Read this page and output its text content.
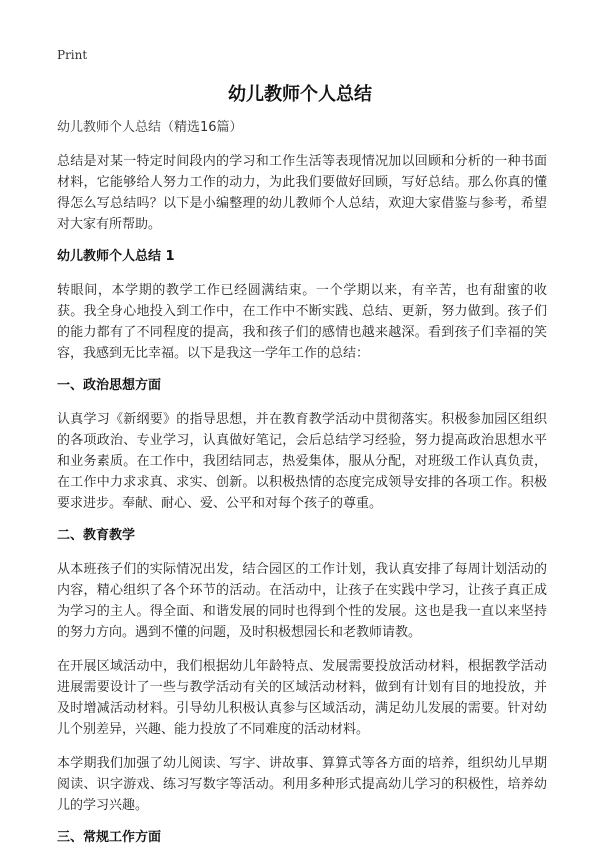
Print
幼儿教师个人总结

幼儿教师个人总结（精选16篇）

总结是对某一特定时间段内的学习和工作生活等表现情况加以回顾和分析的一种书面材料，它能够给人努力工作的动力，为此我们要做好回顾，写好总结。那么你真的懂得怎么写总结吗？以下是小编整理的幼儿教师个人总结，欢迎大家借鉴与参考，希望对大家有所帮助。

幼儿教师个人总结 1

转眼间，本学期的教学工作已经圆满结束。一个学期以来，有辛苦，也有甜蜜的收获。我全身心地投入到工作中，在工作中不断实践、总结、更新，努力做到。孩子们的能力都有了不同程度的提高，我和孩子们的感情也越来越深。看到孩子们幸福的笑容，我感到无比幸福。以下是我这一学年工作的总结：

一、政治思想方面

认真学习《新纲要》的指导思想，并在教育教学活动中贯彻落实。积极参加园区组织的各项政治、专业学习，认真做好笔记，会后总结学习经验，努力提高政治思想水平和业务素质。在工作中，我团结同志，热爱集体，服从分配，对班级工作认真负责，在工作中力求求真、求实、创新。以积极热情的态度完成领导安排的各项工作。积极要求进步。奉献、耐心、爱、公平和对每个孩子的尊重。

二、教育教学

从本班孩子们的实际情况出发，结合园区的工作计划，我认真安排了每周计划活动的内容，精心组织了各个环节的活动。在活动中，让孩子在实践中学习，让孩子真正成为学习的主人。得全面、和谐发展的同时也得到个性的发展。这也是我一直以来坚持的努力方向。遇到不懂的问题，及时积极想园长和老教师请教。

在开展区域活动中，我们根据幼儿年龄特点、发展需要投放活动材料，根据教学活动进展需要设计了一些与教学活动有关的区域活动材料，做到有计划有目的地投放，并及时增减活动材料。引导幼儿积极认真参与区域活动，满足幼儿发展的需要。针对幼儿个别差异，兴趣、能力投放了不同难度的活动材料。

本学期我们加强了幼儿阅读、写字、讲故事、算算式等各方面的培养，组织幼儿早期阅读、识字游戏、练习写数字等活动。利用多种形式提高幼儿学习的积极性，培养幼儿的学习兴趣。

三、常规工作方面
